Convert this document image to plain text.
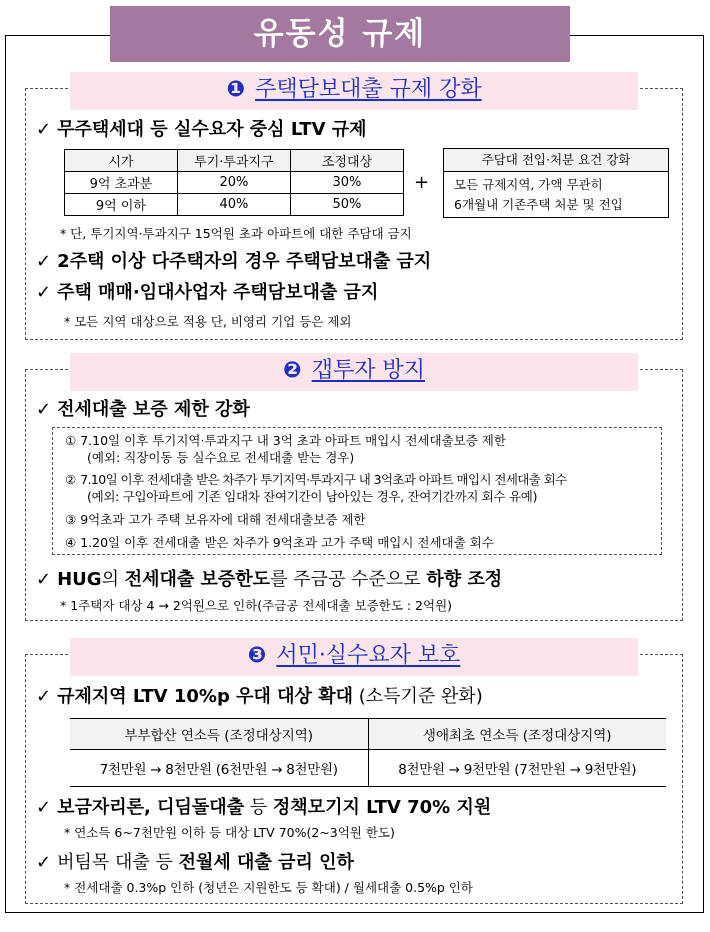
유동성 규제
❶ 주택담보대출 규제 강화
✓ 무주택세대 등 실수요자 중심 LTV 규제
시가	투기·투과지구	조정대상
9억 초과분	20%	30%
9억 이하	40%	50%
+
주담대 전입·처분 요건 강화
모든 규제지역, 가액 무관히
6개월내 기존주택 처분 및 전입
* 단, 투기지역·투과지구 15억원 초과 아파트에 대한 주담대 금지
✓ 2주택 이상 다주택자의 경우 주택담보대출 금지
✓ 주택 매매·임대사업자 주택담보대출 금지
* 모든 지역 대상으로 적용 단, 비영리 기업 등은 제외
❷ 갭투자 방지
✓ 전세대출 보증 제한 강화
① 7.10일 이후 투기지역·투과지구 내 3억 초과 아파트 매입시 전세대출보증 제한
(예외: 직장이동 등 실수요로 전세대출 받는 경우)
② 7.10일 이후 전세대출 받은 차주가 투기지역·투과지구 내 3억초과 아파트 매입시 전세대출 회수
(예외: 구입아파트에 기존 임대차 잔여기간이 남아있는 경우, 잔여기간까지 회수 유예)
③ 9억초과 고가 주택 보유자에 대해 전세대출보증 제한
④ 1.20일 이후 전세대출 받은 차주가 9억초과 고가 주택 매입시 전세대출 회수
✓ HUG의 전세대출 보증한도를 주금공 수준으로 하향 조정
* 1주택자 대상 4 → 2억원으로 인하(주금공 전세대출 보증한도 : 2억원)
❸ 서민·실수요자 보호
✓ 규제지역 LTV 10%p 우대 대상 확대 (소득기준 완화)
부부합산 연소득 (조정대상지역)	생애최초 연소득 (조정대상지역)
7천만원 → 8천만원 (6천만원 → 8천만원)	8천만원 → 9천만원 (7천만원 → 9천만원)
✓ 보금자리론, 디딤돌대출 등 정책모기지 LTV 70% 지원
* 연소득 6~7천만원 이하 등 대상 LTV 70%(2~3억원 한도)
✓ 버팀목 대출 등 전월세 대출 금리 인하
* 전세대출 0.3%p 인하 (청년은 지원한도 등 확대) / 월세대출 0.5%p 인하
